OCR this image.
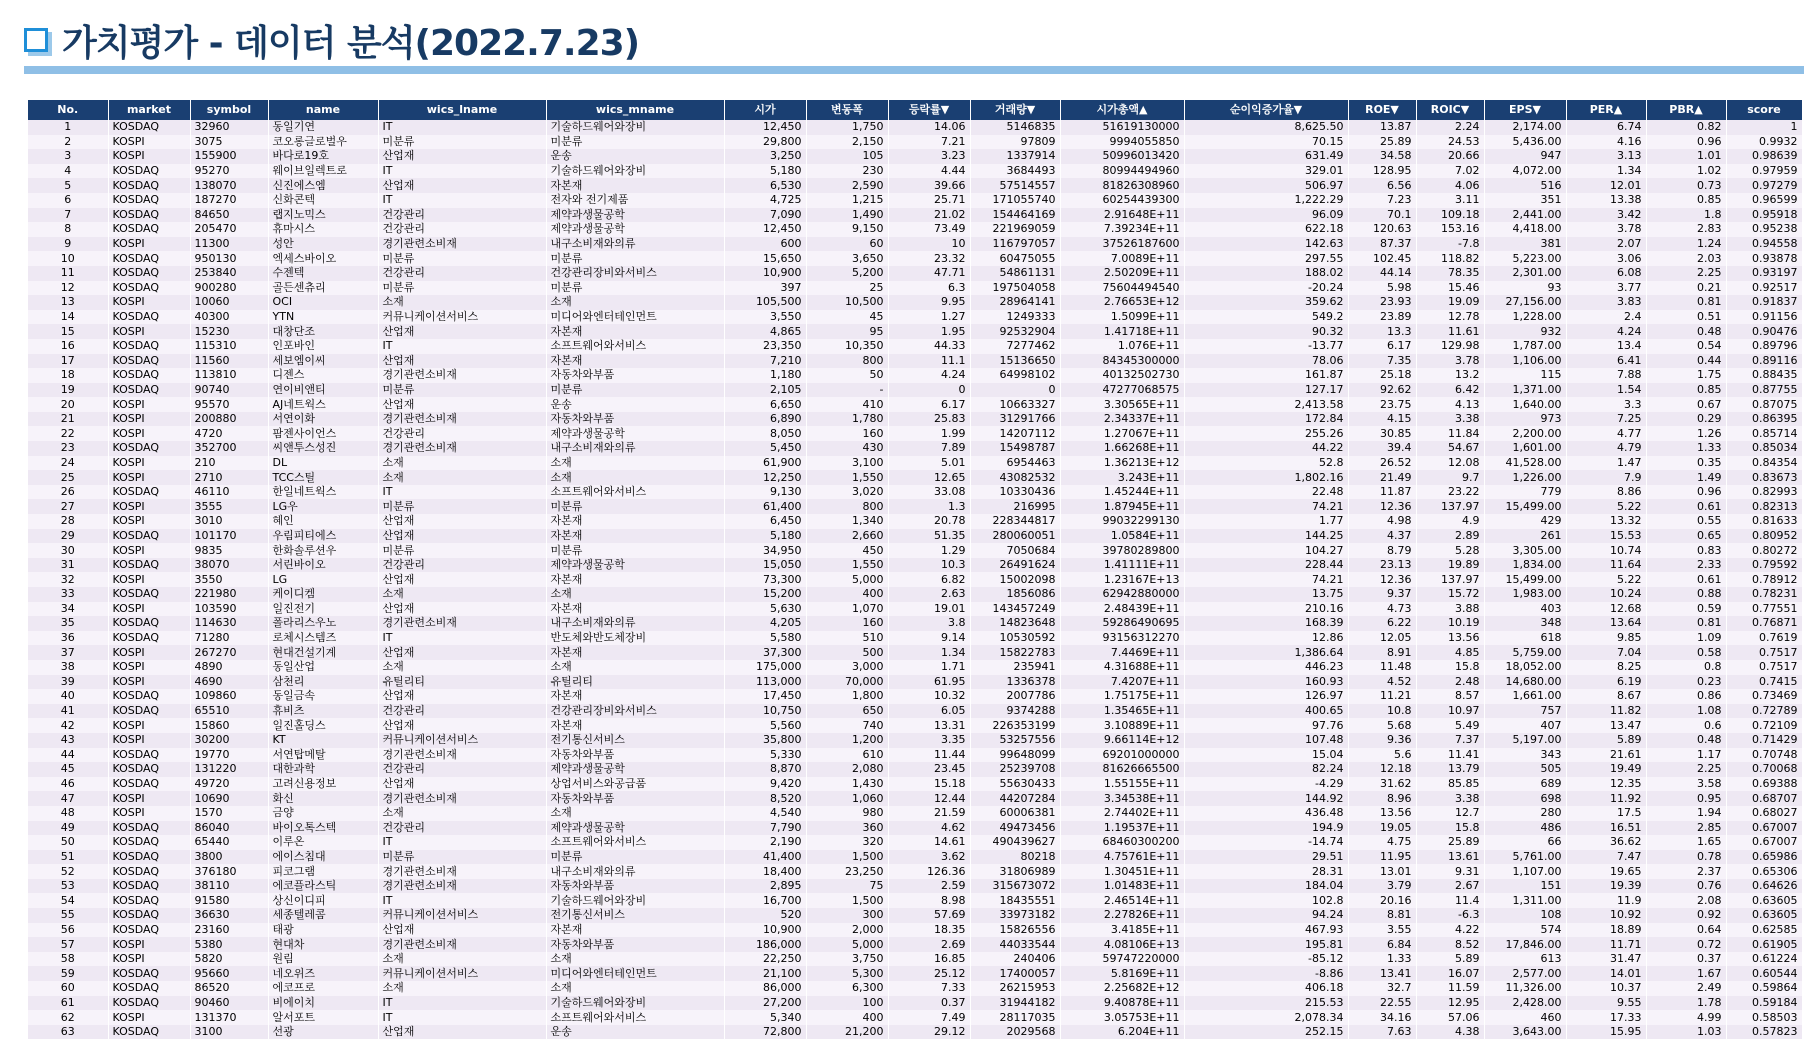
가치평가 - 데이터 분석(2022.7.23)
No.	market	symbol	name	wics_lname	wics_mname	시가	변동폭	등락률▼	거래량▼	시가총액▲	순이익증가율▼	ROE▼	ROIC▼	EPS▼	PER▲	PBR▲	score
1	KOSDAQ	32960	동일기연	IT	기술하드웨어와장비	12,450	1,750	14.06	5146835	51619130000	8,625.50	13.87	2.24	2,174.00	6.74	0.82	1
2	KOSPI	3075	코오롱글로벌우	미분류	미분류	29,800	2,150	7.21	97809	9994055850	70.15	25.89	24.53	5,436.00	4.16	0.96	0.9932
3	KOSPI	155900	바다로19호	산업재	운송	3,250	105	3.23	1337914	50996013420	631.49	34.58	20.66	947	3.13	1.01	0.98639
4	KOSDAQ	95270	웨이브일렉트로	IT	기술하드웨어와장비	5,180	230	4.44	3684493	80994494960	329.01	128.95	7.02	4,072.00	1.34	1.02	0.97959
5	KOSDAQ	138070	신진에스엠	산업재	자본재	6,530	2,590	39.66	57514557	81826308960	506.97	6.56	4.06	516	12.01	0.73	0.97279
6	KOSDAQ	187270	신화콘텍	IT	전자와 전기제품	4,725	1,215	25.71	171055740	60254439300	1,222.29	7.23	3.11	351	13.38	0.85	0.96599
7	KOSDAQ	84650	랩지노믹스	건강관리	제약과생물공학	7,090	1,490	21.02	154464169	2.91648E+11	96.09	70.1	109.18	2,441.00	3.42	1.8	0.95918
8	KOSDAQ	205470	휴마시스	건강관리	제약과생물공학	12,450	9,150	73.49	221969059	7.39234E+11	622.18	120.63	153.16	4,418.00	3.78	2.83	0.95238
9	KOSPI	11300	성안	경기관련소비재	내구소비재와의류	600	60	10	116797057	37526187600	142.63	87.37	-7.8	381	2.07	1.24	0.94558
10	KOSDAQ	950130	엑세스바이오	미분류	미분류	15,650	3,650	23.32	60475055	7.0089E+11	297.55	102.45	118.82	5,223.00	3.06	2.03	0.93878
11	KOSDAQ	253840	수젠텍	건강관리	건강관리장비와서비스	10,900	5,200	47.71	54861131	2.50209E+11	188.02	44.14	78.35	2,301.00	6.08	2.25	0.93197
12	KOSDAQ	900280	골든센츄리	미분류	미분류	397	25	6.3	197504058	75604494540	-20.24	5.98	15.46	93	3.77	0.21	0.92517
13	KOSPI	10060	OCI	소재	소재	105,500	10,500	9.95	28964141	2.76653E+12	359.62	23.93	19.09	27,156.00	3.83	0.81	0.91837
14	KOSDAQ	40300	YTN	커뮤니케이션서비스	미디어와엔터테인먼트	3,550	45	1.27	1249333	1.5099E+11	549.2	23.89	12.78	1,228.00	2.4	0.51	0.91156
15	KOSPI	15230	대창단조	산업재	자본재	4,865	95	1.95	92532904	1.41718E+11	90.32	13.3	11.61	932	4.24	0.48	0.90476
16	KOSDAQ	115310	인포바인	IT	소프트웨어와서비스	23,350	10,350	44.33	7277462	1.076E+11	-13.77	6.17	129.98	1,787.00	13.4	0.54	0.89796
17	KOSDAQ	11560	세보엠이씨	산업재	자본재	7,210	800	11.1	15136650	84345300000	78.06	7.35	3.78	1,106.00	6.41	0.44	0.89116
18	KOSDAQ	113810	디젠스	경기관련소비재	자동차와부품	1,180	50	4.24	64998102	40132502730	161.87	25.18	13.2	115	7.88	1.75	0.88435
19	KOSDAQ	90740	연이비앤티	미분류	미분류	2,105	-	0	0	47277068575	127.17	92.62	6.42	1,371.00	1.54	0.85	0.87755
20	KOSPI	95570	AJ네트웍스	산업재	운송	6,650	410	6.17	10663327	3.30565E+11	2,413.58	23.75	4.13	1,640.00	3.3	0.67	0.87075
21	KOSPI	200880	서연이화	경기관련소비재	자동차와부품	6,890	1,780	25.83	31291766	2.34337E+11	172.84	4.15	3.38	973	7.25	0.29	0.86395
22	KOSPI	4720	팜젠사이언스	건강관리	제약과생물공학	8,050	160	1.99	14207112	1.27067E+11	255.26	30.85	11.84	2,200.00	4.77	1.26	0.85714
23	KOSDAQ	352700	씨앤투스성진	경기관련소비재	내구소비재와의류	5,450	430	7.89	15498787	1.66268E+11	44.22	39.4	54.67	1,601.00	4.79	1.33	0.85034
24	KOSPI	210	DL	소재	소재	61,900	3,100	5.01	6954463	1.36213E+12	52.8	26.52	12.08	41,528.00	1.47	0.35	0.84354
25	KOSPI	2710	TCC스틸	소재	소재	12,250	1,550	12.65	43082532	3.243E+11	1,802.16	21.49	9.7	1,226.00	7.9	1.49	0.83673
26	KOSDAQ	46110	한일네트웍스	IT	소프트웨어와서비스	9,130	3,020	33.08	10330436	1.45244E+11	22.48	11.87	23.22	779	8.86	0.96	0.82993
27	KOSPI	3555	LG우	미분류	미분류	61,400	800	1.3	216995	1.87945E+11	74.21	12.36	137.97	15,499.00	5.22	0.61	0.82313
28	KOSPI	3010	혜인	산업재	자본재	6,450	1,340	20.78	228344817	99032299130	1.77	4.98	4.9	429	13.32	0.55	0.81633
29	KOSDAQ	101170	우림피티에스	산업재	자본재	5,180	2,660	51.35	280060051	1.0584E+11	144.25	4.37	2.89	261	15.53	0.65	0.80952
30	KOSPI	9835	한화솔루션우	미분류	미분류	34,950	450	1.29	7050684	39780289800	104.27	8.79	5.28	3,305.00	10.74	0.83	0.80272
31	KOSDAQ	38070	서린바이오	건강관리	제약과생물공학	15,050	1,550	10.3	26491624	1.41111E+11	228.44	23.13	19.89	1,834.00	11.64	2.33	0.79592
32	KOSPI	3550	LG	산업재	자본재	73,300	5,000	6.82	15002098	1.23167E+13	74.21	12.36	137.97	15,499.00	5.22	0.61	0.78912
33	KOSDAQ	221980	케이디켐	소재	소재	15,200	400	2.63	1856086	62942880000	13.75	9.37	15.72	1,983.00	10.24	0.88	0.78231
34	KOSPI	103590	일진전기	산업재	자본재	5,630	1,070	19.01	143457249	2.48439E+11	210.16	4.73	3.88	403	12.68	0.59	0.77551
35	KOSDAQ	114630	폴라리스우노	경기관련소비재	내구소비재와의류	4,205	160	3.8	14823648	59286490695	168.39	6.22	10.19	348	13.64	0.81	0.76871
36	KOSDAQ	71280	로체시스템즈	IT	반도체와반도체장비	5,580	510	9.14	10530592	93156312270	12.86	12.05	13.56	618	9.85	1.09	0.7619
37	KOSPI	267270	현대건설기계	산업재	자본재	37,300	500	1.34	15822783	7.4469E+11	1,386.64	8.91	4.85	5,759.00	7.04	0.58	0.7517
38	KOSPI	4890	동일산업	소재	소재	175,000	3,000	1.71	235941	4.31688E+11	446.23	11.48	15.8	18,052.00	8.25	0.8	0.7517
39	KOSPI	4690	삼천리	유틸리티	유틸리티	113,000	70,000	61.95	1336378	7.4207E+11	160.93	4.52	2.48	14,680.00	6.19	0.23	0.7415
40	KOSDAQ	109860	동일금속	산업재	자본재	17,450	1,800	10.32	2007786	1.75175E+11	126.97	11.21	8.57	1,661.00	8.67	0.86	0.73469
41	KOSDAQ	65510	휴비츠	건강관리	건강관리장비와서비스	10,750	650	6.05	9374288	1.35465E+11	400.65	10.8	10.97	757	11.82	1.08	0.72789
42	KOSPI	15860	일진홀딩스	산업재	자본재	5,560	740	13.31	226353199	3.10889E+11	97.76	5.68	5.49	407	13.47	0.6	0.72109
43	KOSPI	30200	KT	커뮤니케이션서비스	전기통신서비스	35,800	1,200	3.35	53257556	9.66114E+12	107.48	9.36	7.37	5,197.00	5.89	0.48	0.71429
44	KOSDAQ	19770	서연탑메탈	경기관련소비재	자동차와부품	5,330	610	11.44	99648099	69201000000	15.04	5.6	11.41	343	21.61	1.17	0.70748
45	KOSDAQ	131220	대한과학	건강관리	제약과생물공학	8,870	2,080	23.45	25239708	81626665500	82.24	12.18	13.79	505	19.49	2.25	0.70068
46	KOSDAQ	49720	고려신용정보	산업재	상업서비스와공급품	9,420	1,430	15.18	55630433	1.55155E+11	-4.29	31.62	85.85	689	12.35	3.58	0.69388
47	KOSPI	10690	화신	경기관련소비재	자동차와부품	8,520	1,060	12.44	44207284	3.34538E+11	144.92	8.96	3.38	698	11.92	0.95	0.68707
48	KOSPI	1570	금양	소재	소재	4,540	980	21.59	60006381	2.74402E+11	436.48	13.56	12.7	280	17.5	1.94	0.68027
49	KOSDAQ	86040	바이오톡스텍	건강관리	제약과생물공학	7,790	360	4.62	49473456	1.19537E+11	194.9	19.05	15.8	486	16.51	2.85	0.67007
50	KOSDAQ	65440	이루온	IT	소프트웨어와서비스	2,190	320	14.61	490439627	68460300200	-14.74	4.75	25.89	66	36.62	1.65	0.67007
51	KOSDAQ	3800	에이스침대	미분류	미분류	41,400	1,500	3.62	80218	4.75761E+11	29.51	11.95	13.61	5,761.00	7.47	0.78	0.65986
52	KOSDAQ	376180	피코그램	경기관련소비재	내구소비재와의류	18,400	23,250	126.36	31806989	1.30451E+11	28.31	13.01	9.31	1,107.00	19.65	2.37	0.65306
53	KOSDAQ	38110	에코플라스틱	경기관련소비재	자동차와부품	2,895	75	2.59	315673072	1.01483E+11	184.04	3.79	2.67	151	19.39	0.76	0.64626
54	KOSDAQ	91580	상신이디피	IT	기술하드웨어와장비	16,700	1,500	8.98	18435551	2.46514E+11	102.8	20.16	11.4	1,311.00	11.9	2.08	0.63605
55	KOSDAQ	36630	세종텔레콤	커뮤니케이션서비스	전기통신서비스	520	300	57.69	33973182	2.27826E+11	94.24	8.81	-6.3	108	10.92	0.92	0.63605
56	KOSDAQ	23160	태광	산업재	자본재	10,900	2,000	18.35	15826556	3.4185E+11	467.93	3.55	4.22	574	18.89	0.64	0.62585
57	KOSPI	5380	현대차	경기관련소비재	자동차와부품	186,000	5,000	2.69	44033544	4.08106E+13	195.81	6.84	8.52	17,846.00	11.71	0.72	0.61905
58	KOSPI	5820	원림	소재	소재	22,250	3,750	16.85	240406	59747220000	-85.12	1.33	5.89	613	31.47	0.37	0.61224
59	KOSDAQ	95660	네오위즈	커뮤니케이션서비스	미디어와엔터테인먼트	21,100	5,300	25.12	17400057	5.8169E+11	-8.86	13.41	16.07	2,577.00	14.01	1.67	0.60544
60	KOSDAQ	86520	에코프로	소재	소재	86,000	6,300	7.33	26215953	2.25682E+12	406.18	32.7	11.59	11,326.00	10.37	2.49	0.59864
61	KOSDAQ	90460	비에이치	IT	기술하드웨어와장비	27,200	100	0.37	31944182	9.40878E+11	215.53	22.55	12.95	2,428.00	9.55	1.78	0.59184
62	KOSPI	131370	알서포트	IT	소프트웨어와서비스	5,340	400	7.49	28117035	3.05753E+11	2,078.34	34.16	57.06	460	17.33	4.99	0.58503
63	KOSDAQ	3100	선광	산업재	운송	72,800	21,200	29.12	2029568	6.204E+11	252.15	7.63	4.38	3,643.00	15.95	1.03	0.57823
